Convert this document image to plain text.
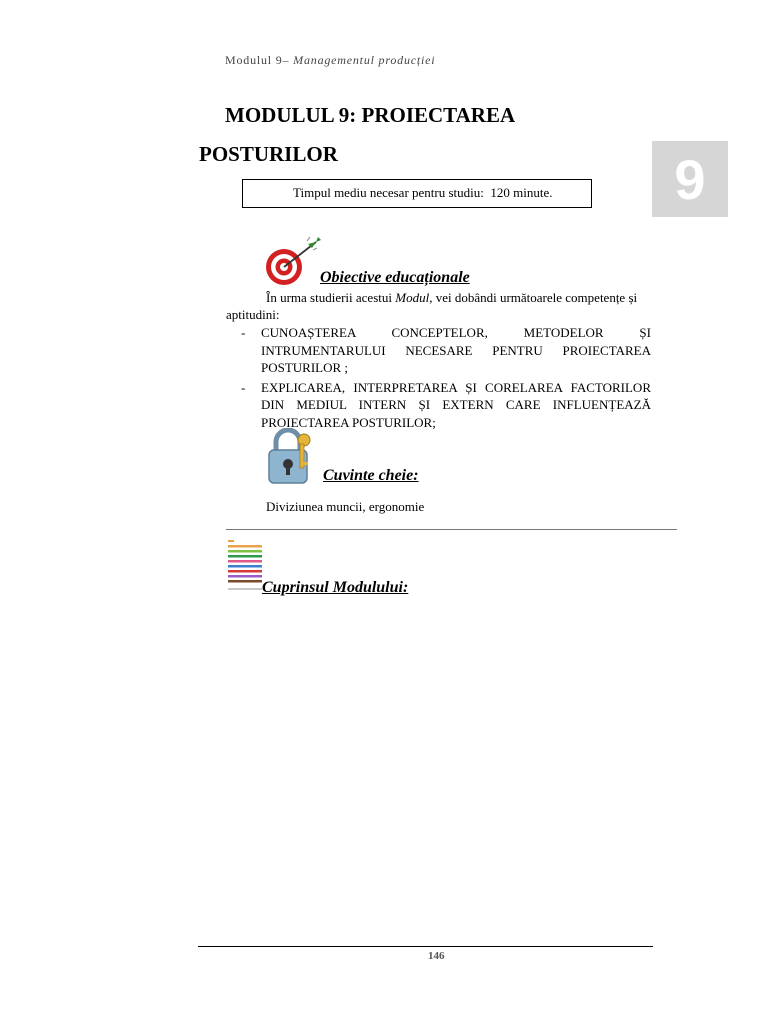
Modulul 9– Managementul producției
MODULUL 9: PROIECTAREA
POSTURILOR	9
Timpul mediu necesar pentru studiu: 120 minute.
Obiective educaționale
În urma studierii acestui Modul, vei dobândi următoarele competențe și aptitudini:
-	CUNOAȘTEREA CONCEPTELOR, METODELOR ȘI INTRUMENTARULUI NECESARE PENTRU PROIECTAREA POSTURILOR ;
-	EXPLICAREA, INTERPRETAREA ȘI CORELAREA FACTORILOR DIN MEDIUL INTERN ȘI EXTERN CARE INFLUENȚEAZĂ PROIECTAREA POSTURILOR;
Cuvinte cheie:
Diviziunea muncii, ergonomie
Cuprinsul Modulului:
146
